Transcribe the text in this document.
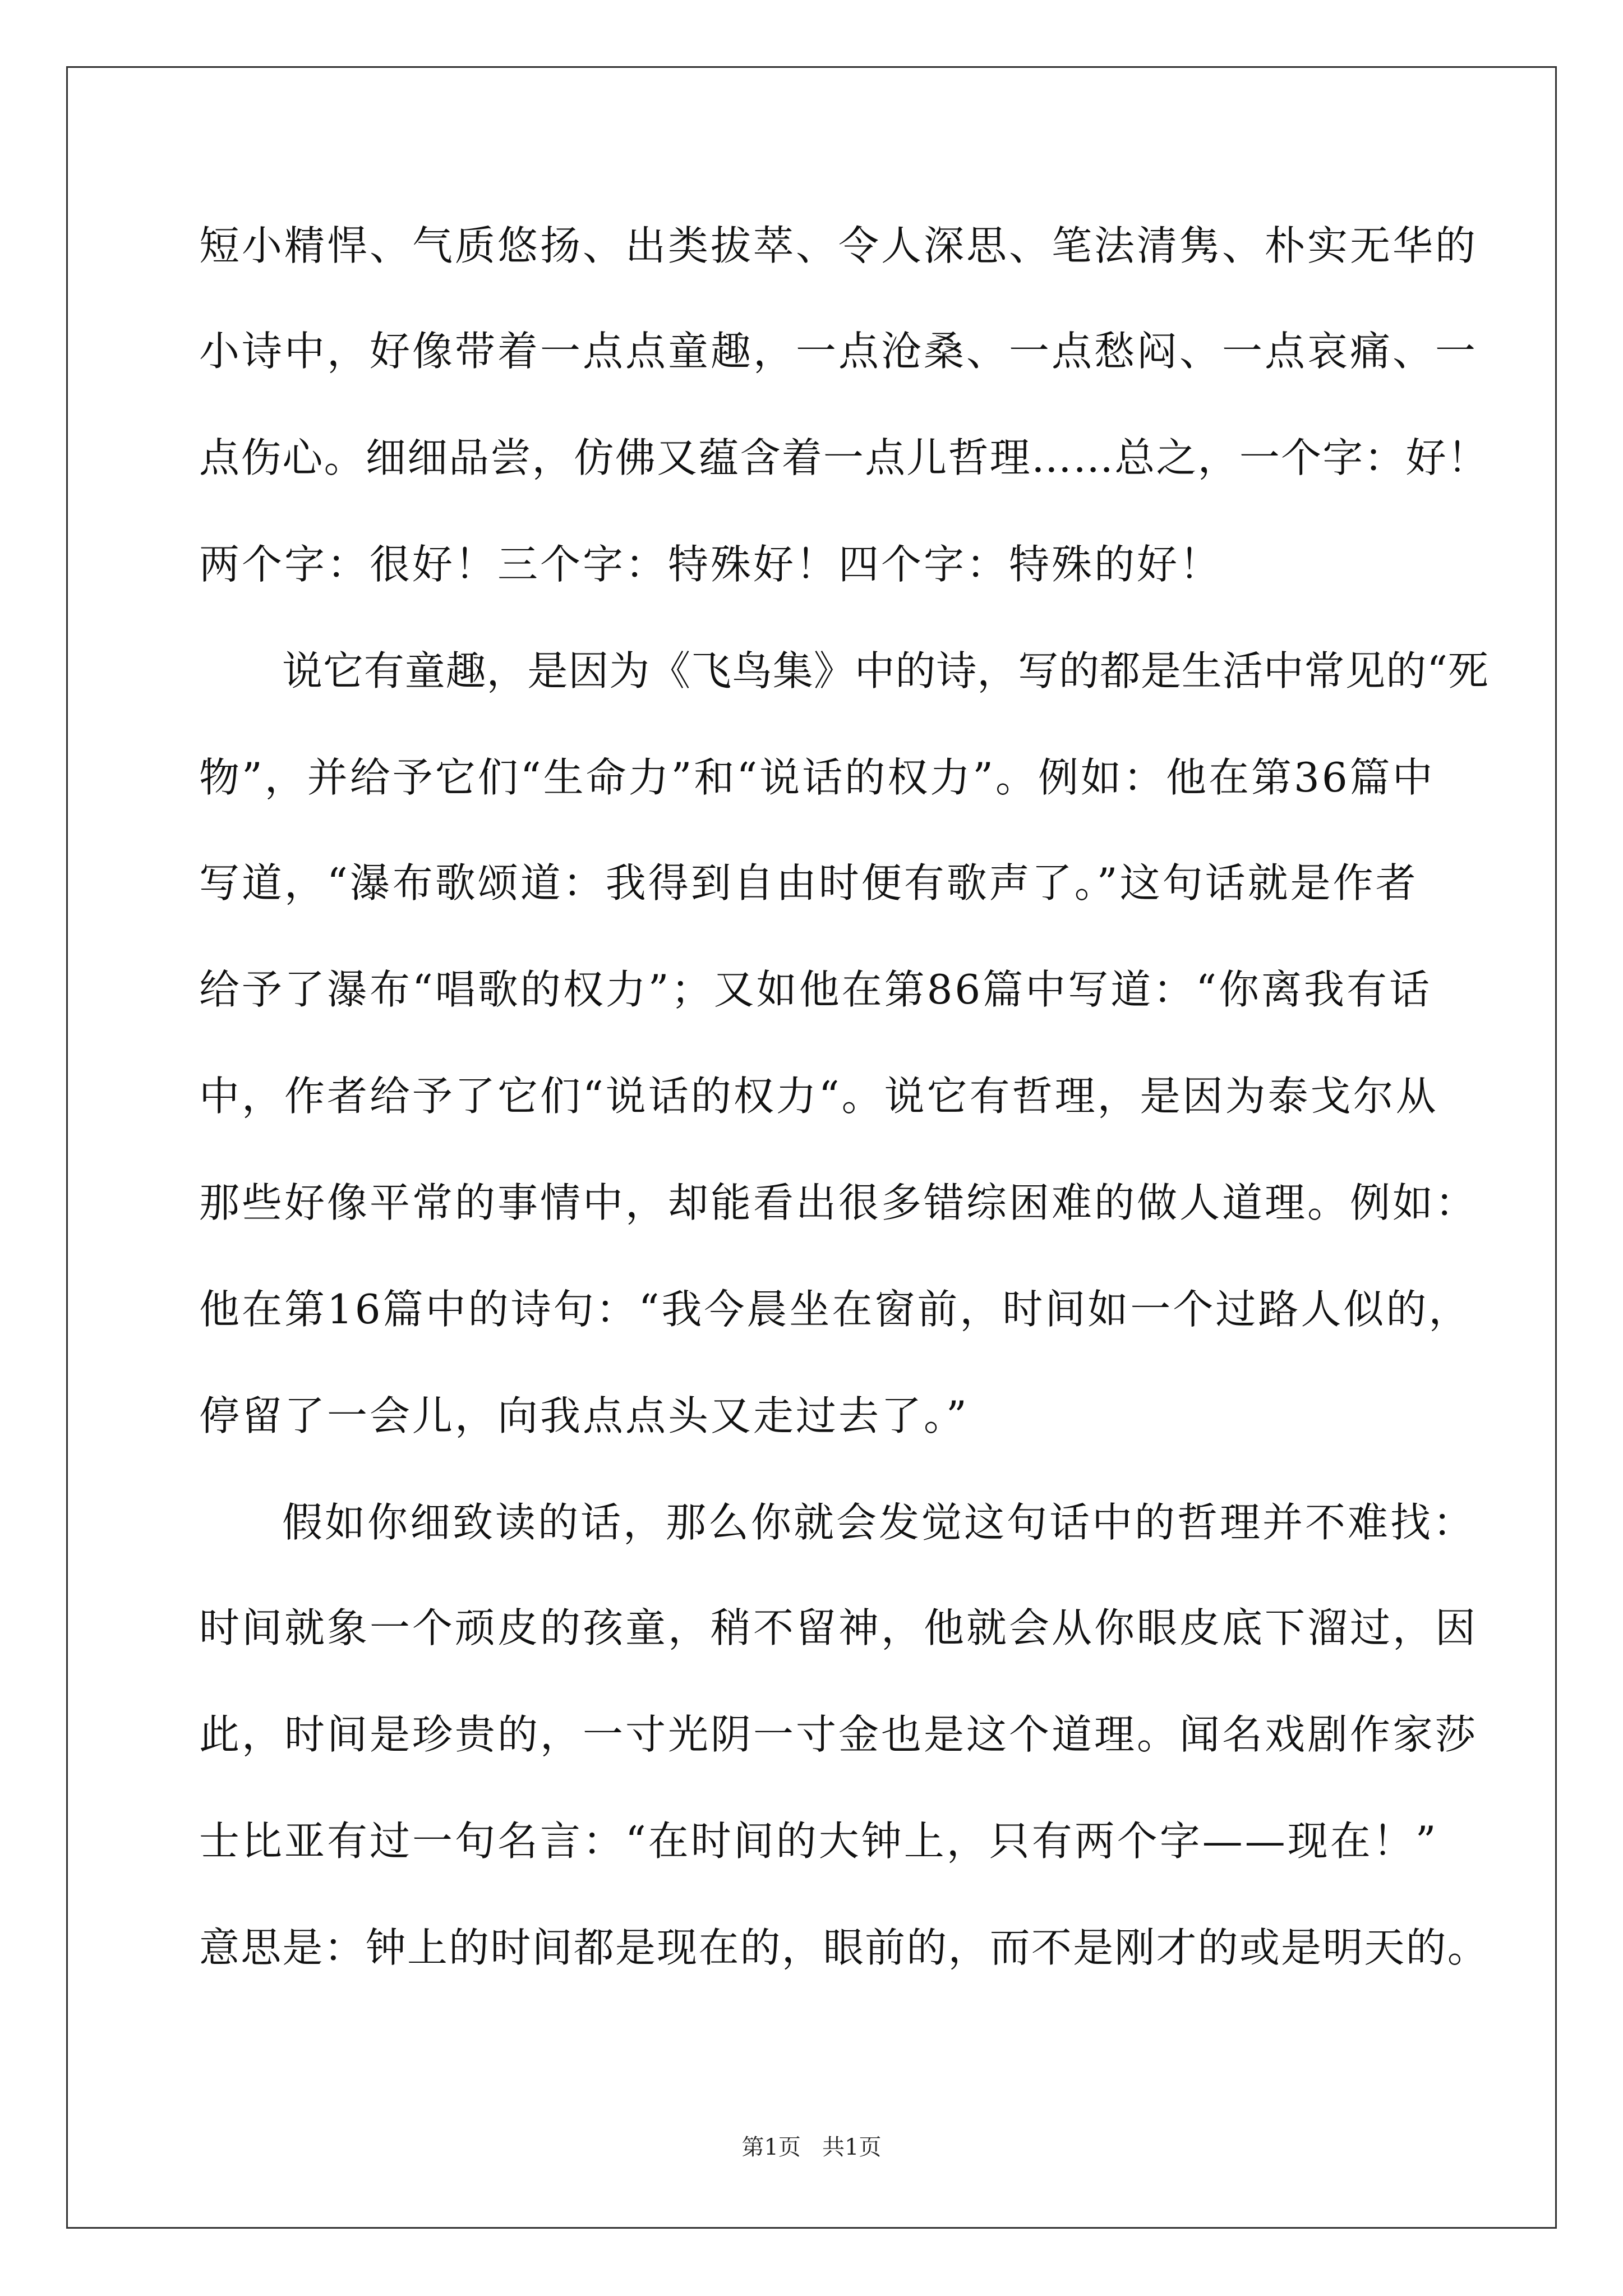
短小精悍、气质悠扬、出类拔萃、令人深思、笔法清隽、朴实无华的
小诗中，好像带着一点点童趣，一点沧桑、一点愁闷、一点哀痛、一
点伤心。细细品尝，仿佛又蕴含着一点儿哲理……总之，一个字：好！
两个字：很好！三个字：特殊好！四个字：特殊的好！
说它有童趣，是因为《飞鸟集》中的诗，写的都是生活中常见的“死
物”，并给予它们“生命力”和“说话的权力”。例如：他在第36篇中
写道，“瀑布歌颂道：我得到自由时便有歌声了。”这句话就是作者
给予了瀑布“唱歌的权力”；又如他在第86篇中写道：“你离我有话
中，作者给予了它们“说话的权力“。说它有哲理，是因为泰戈尔从
那些好像平常的事情中，却能看出很多错综困难的做人道理。例如：
他在第16篇中的诗句：“我今晨坐在窗前，时间如一个过路人似的，
停留了一会儿，向我点点头又走过去了。”
假如你细致读的话，那么你就会发觉这句话中的哲理并不难找：
时间就象一个顽皮的孩童，稍不留神，他就会从你眼皮底下溜过，因
此，时间是珍贵的，一寸光阴一寸金也是这个道理。闻名戏剧作家莎
士比亚有过一句名言：“在时间的大钟上，只有两个字——现在！”
意思是：钟上的时间都是现在的，眼前的，而不是刚才的或是明天的。
第1页   共1页
